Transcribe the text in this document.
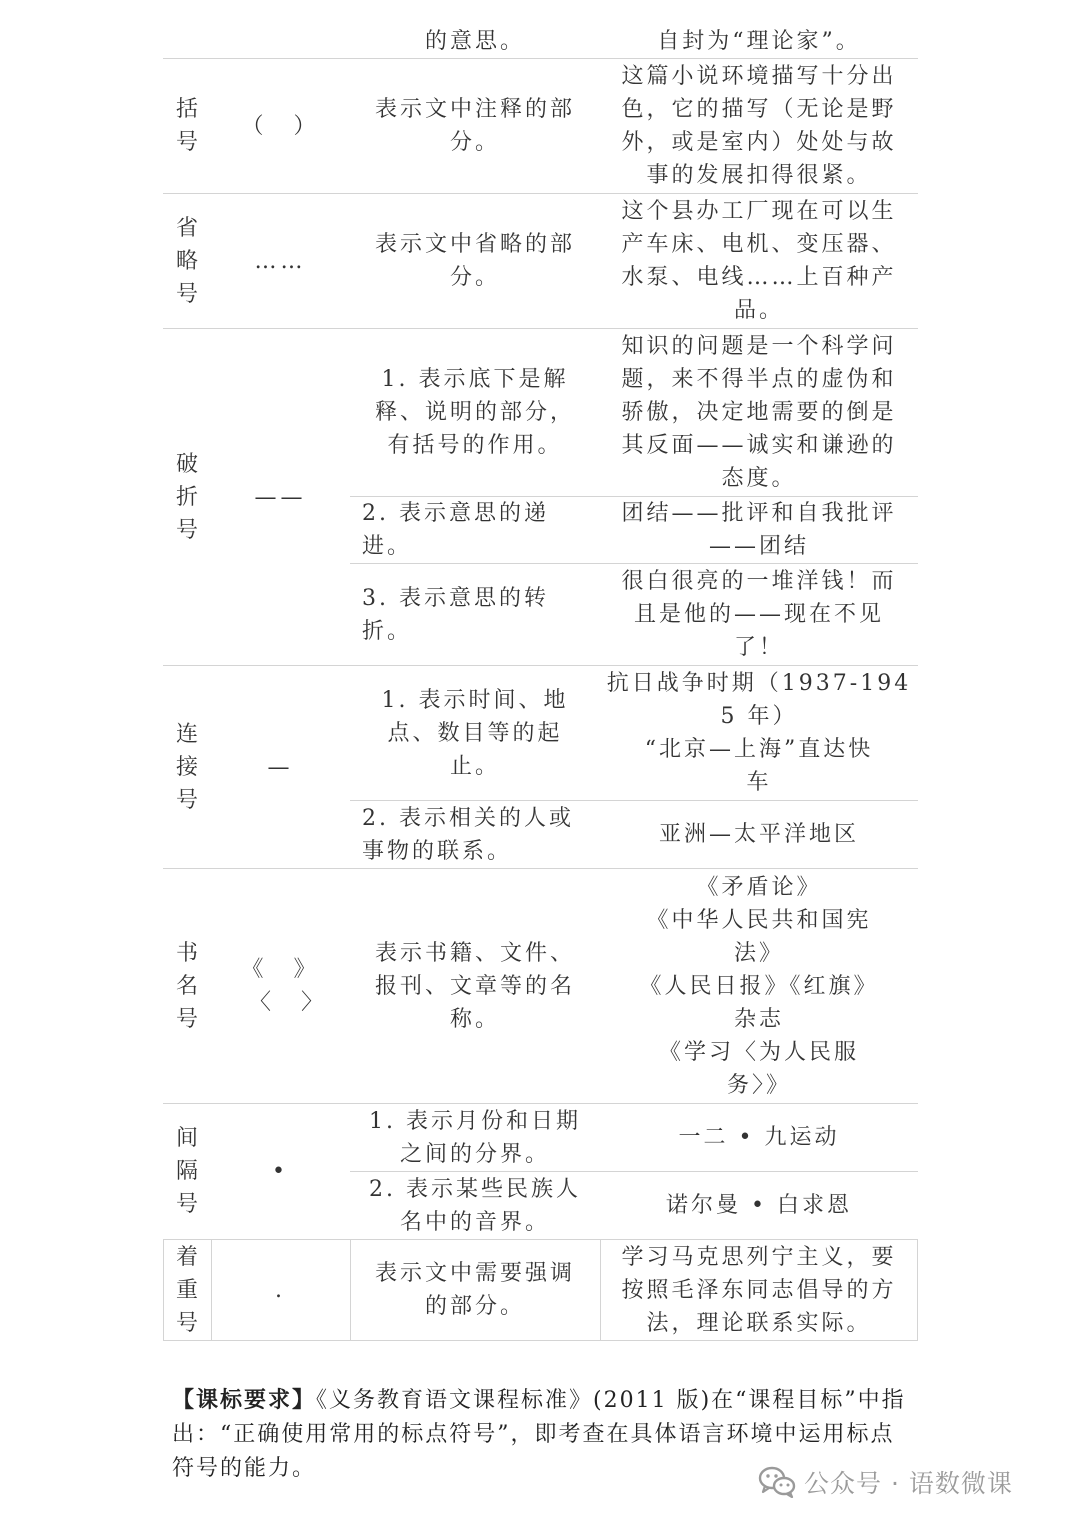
的意思。	自封为“理论家”。
括
号
（　）
表示文中注释的部
分。
这篇小说环境描写十分出
色，它的描写（无论是野
外，或是室内）处处与故
事的发展扣得很紧。
省
略
号
……
表示文中省略的部
分。
这个县办工厂现在可以生
产车床、电机、变压器、
水泵、电线……上百种产
品。
破
折
号
——
1. 表示底下是解
释、说明的部分，
有括号的作用。
知识的问题是一个科学问
题，来不得半点的虚伪和
骄傲，决定地需要的倒是
其反面——诚实和谦逊的
态度。
2. 表示意思的递
进。
团结——批评和自我批评
——团结
3. 表示意思的转
折。
很白很亮的一堆洋钱！而
且是他的——现在不见
了！
连
接
号
—
1. 表示时间、地
点、数目等的起
止。
抗日战争时期（1937-194
5 年）
“北京—上海”直达快
车
2. 表示相关的人或
事物的联系。
亚洲—太平洋地区
书
名
号
《　》
　〈　〉
表示书籍、文件、
报刊、文章等的名
称。
《矛盾论》
《中华人民共和国宪
法》
《人民日报》《红旗》
杂志
《学习〈为人民服
务〉》
间
隔
号
•
1. 表示月份和日期
之间的分界。
一二 • 九运动
2. 表示某些民族人
名中的音界。
诺尔曼 • 白求恩
着
重
号
.
表示文中需要强调
的部分。
学习马克思列宁主义，要
按照毛泽东同志倡导的方
法，理论联系实际。
【课标要求】《义务教育语文课程标准》(2011 版)在“课程目标”中指出：“正确使用常用的标点符号”，即考查在具体语言环境中运用标点符号的能力。
公众号 · 语数微课
